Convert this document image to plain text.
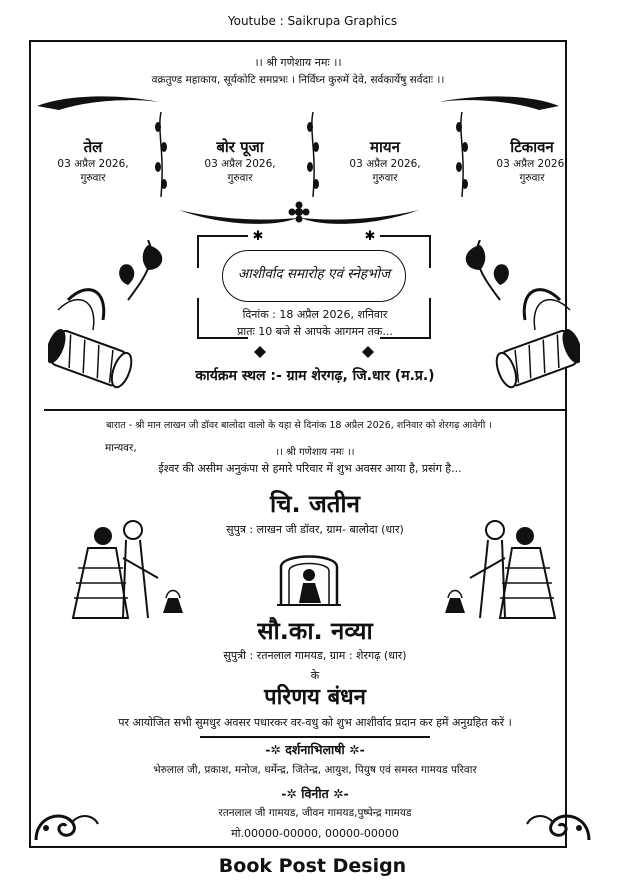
Youtube : Saikrupa Graphics
।। श्री गणेशाय नमः ।।
वक्रतुण्ड महाकाय, सूर्यकोटि समप्रभः । निर्विघ्न कुरुमें देवे, सर्वकार्येषु सर्वदाः ।।
तेल
03 अप्रैल 2026,
गुरुवार
बोर पूजा
03 अप्रैल 2026,
गुरुवार
मायन
03 अप्रैल 2026,
गुरुवार
टिकावन
03 अप्रैल 2026,
गुरुवार
✱	✱
आशीर्वाद समारोह एवं स्नेहभोज
दिनांक : 18 अप्रैल 2026, शनिवार
प्रातः 10 बजे से आपके आगमन तक...
कार्यक्रम स्थल :- ग्राम शेरगढ़, जि.धार (म.प्र.)
बारात - श्री मान लाखन जी डॉवर बालोदा वालो के यहा से दिनांक 18 अप्रैल 2026, शनिवार को शेरगढ़ आवेगी ।
मान्यवर,	।। श्री गणेशाय नमः ।।
ईश्वर की असीम अनुकंपा से हमारे परिवार में शुभ अवसर आया है, प्रसंग है...
चि. जतीन
सुपुत्र : लाखन जी डॉवर, ग्राम- बालोदा (धार)
सौ.का. नव्या
सुपुत्री : रतनलाल गामयड, ग्राम : शेरगढ़ (धार)
के
परिणय बंधन
पर आयोजित सभी सुमधुर अवसर पधारकर वर-वधु को शुभ आशीर्वाद प्रदान कर हमें अनुग्रहित करें ।
-✲ दर्शनाभिलाषी ✲-
भेरुलाल जी, प्रकाश, मनोज, धर्मेन्द्र, जितेन्द्र, आयुश, पियुष एवं समस्त गामयड परिवार
-✲ विनीत ✲-
रतनलाल जी गामयड, जीवन गामयड,पुष्पेन्द्र गामयड
मो.00000-00000, 00000-00000
Book Post Design
